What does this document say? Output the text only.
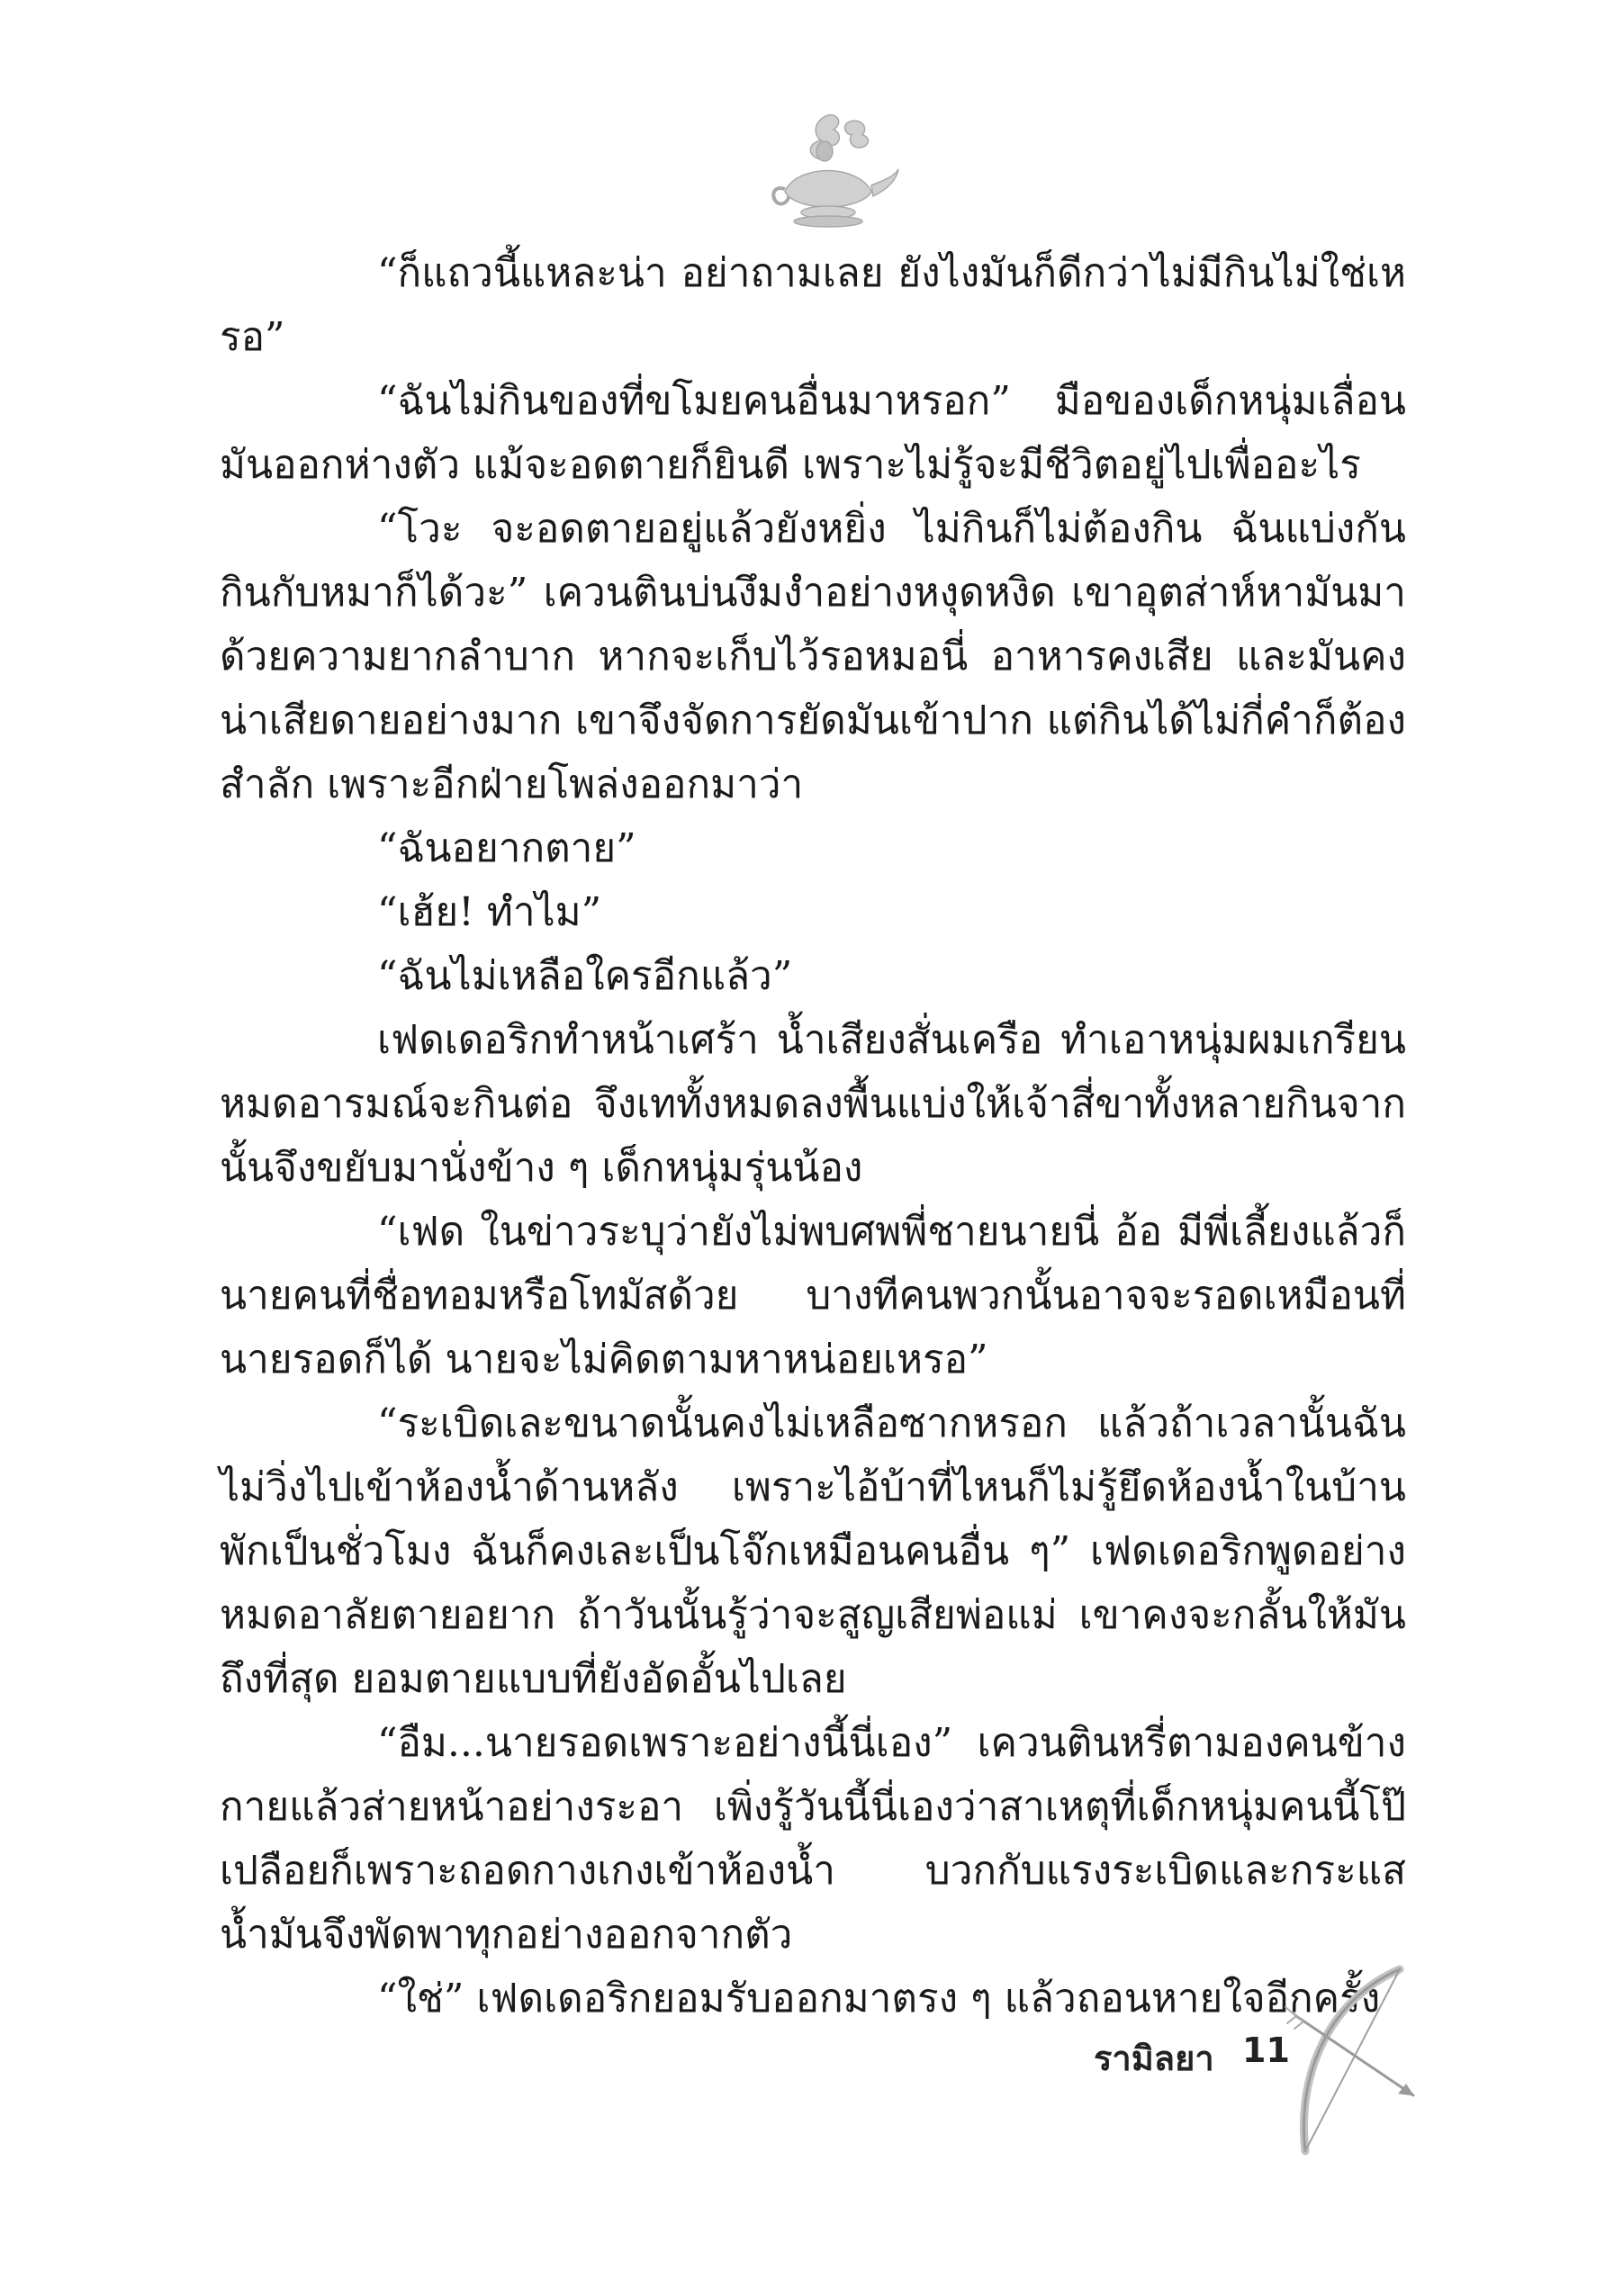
“ก็แถวนี้แหละน่า อย่าถามเลย ยังไงมันก็ดีกว่าไม่มีกินไม่ใช่เหรอ”

“ฉันไม่กินของที่ขโมยคนอื่นมาหรอก” มือของเด็กหนุ่มเลื่อนมันออกห่างตัว แม้จะอดตายก็ยินดี เพราะไม่รู้จะมีชีวิตอยู่ไปเพื่ออะไร

“โวะ จะอดตายอยู่แล้วยังหยิ่ง ไม่กินก็ไม่ต้องกิน ฉันแบ่งกันกินกับหมาก็ได้วะ” เควนตินบ่นงึมงำอย่างหงุดหงิด เขาอุตส่าห์หามันมาด้วยความยากลำบาก หากจะเก็บไว้รอหมอนี่ อาหารคงเสีย และมันคงน่าเสียดายอย่างมาก เขาจึงจัดการยัดมันเข้าปาก แต่กินได้ไม่กี่คำก็ต้องสำลัก เพราะอีกฝ่ายโพล่งออกมาว่า

“ฉันอยากตาย”

“เฮ้ย! ทำไม”

“ฉันไม่เหลือใครอีกแล้ว”

เฟดเดอริกทำหน้าเศร้า น้ำเสียงสั่นเครือ ทำเอาหนุ่มผมเกรียนหมดอารมณ์จะกินต่อ จึงเททั้งหมดลงพื้นแบ่งให้เจ้าสี่ขาทั้งหลายกินจากนั้นจึงขยับมานั่งข้าง ๆ เด็กหนุ่มรุ่นน้อง

“เฟด ในข่าวระบุว่ายังไม่พบศพพี่ชายนายนี่ อ้อ มีพี่เลี้ยงแล้วก็นายคนที่ชื่อทอมหรือโทมัสด้วย บางทีคนพวกนั้นอาจจะรอดเหมือนที่นายรอดก็ได้ นายจะไม่คิดตามหาหน่อยเหรอ”

“ระเบิดเละขนาดนั้นคงไม่เหลือซากหรอก แล้วถ้าเวลานั้นฉันไม่วิ่งไปเข้าห้องน้ำด้านหลัง เพราะไอ้บ้าที่ไหนก็ไม่รู้ยึดห้องน้ำในบ้านพักเป็นชั่วโมง ฉันก็คงเละเป็นโจ๊กเหมือนคนอื่น ๆ” เฟดเดอริกพูดอย่างหมดอาลัยตายอยาก ถ้าวันนั้นรู้ว่าจะสูญเสียพ่อแม่ เขาคงจะกลั้นให้มันถึงที่สุด ยอมตายแบบที่ยังอัดอั้นไปเลย

“อืม...นายรอดเพราะอย่างนี้นี่เอง” เควนตินหรี่ตามองคนข้างกายแล้วส่ายหน้าอย่างระอา เพิ่งรู้วันนี้นี่เองว่าสาเหตุที่เด็กหนุ่มคนนี้โป๊เปลือยก็เพราะถอดกางเกงเข้าห้องน้ำ บวกกับแรงระเบิดและกระแสน้ำมันจึงพัดพาทุกอย่างออกจากตัว

“ใช่” เฟดเดอริกยอมรับออกมาตรง ๆ แล้วถอนหายใจอีกครั้ง

รามิลยา 11
